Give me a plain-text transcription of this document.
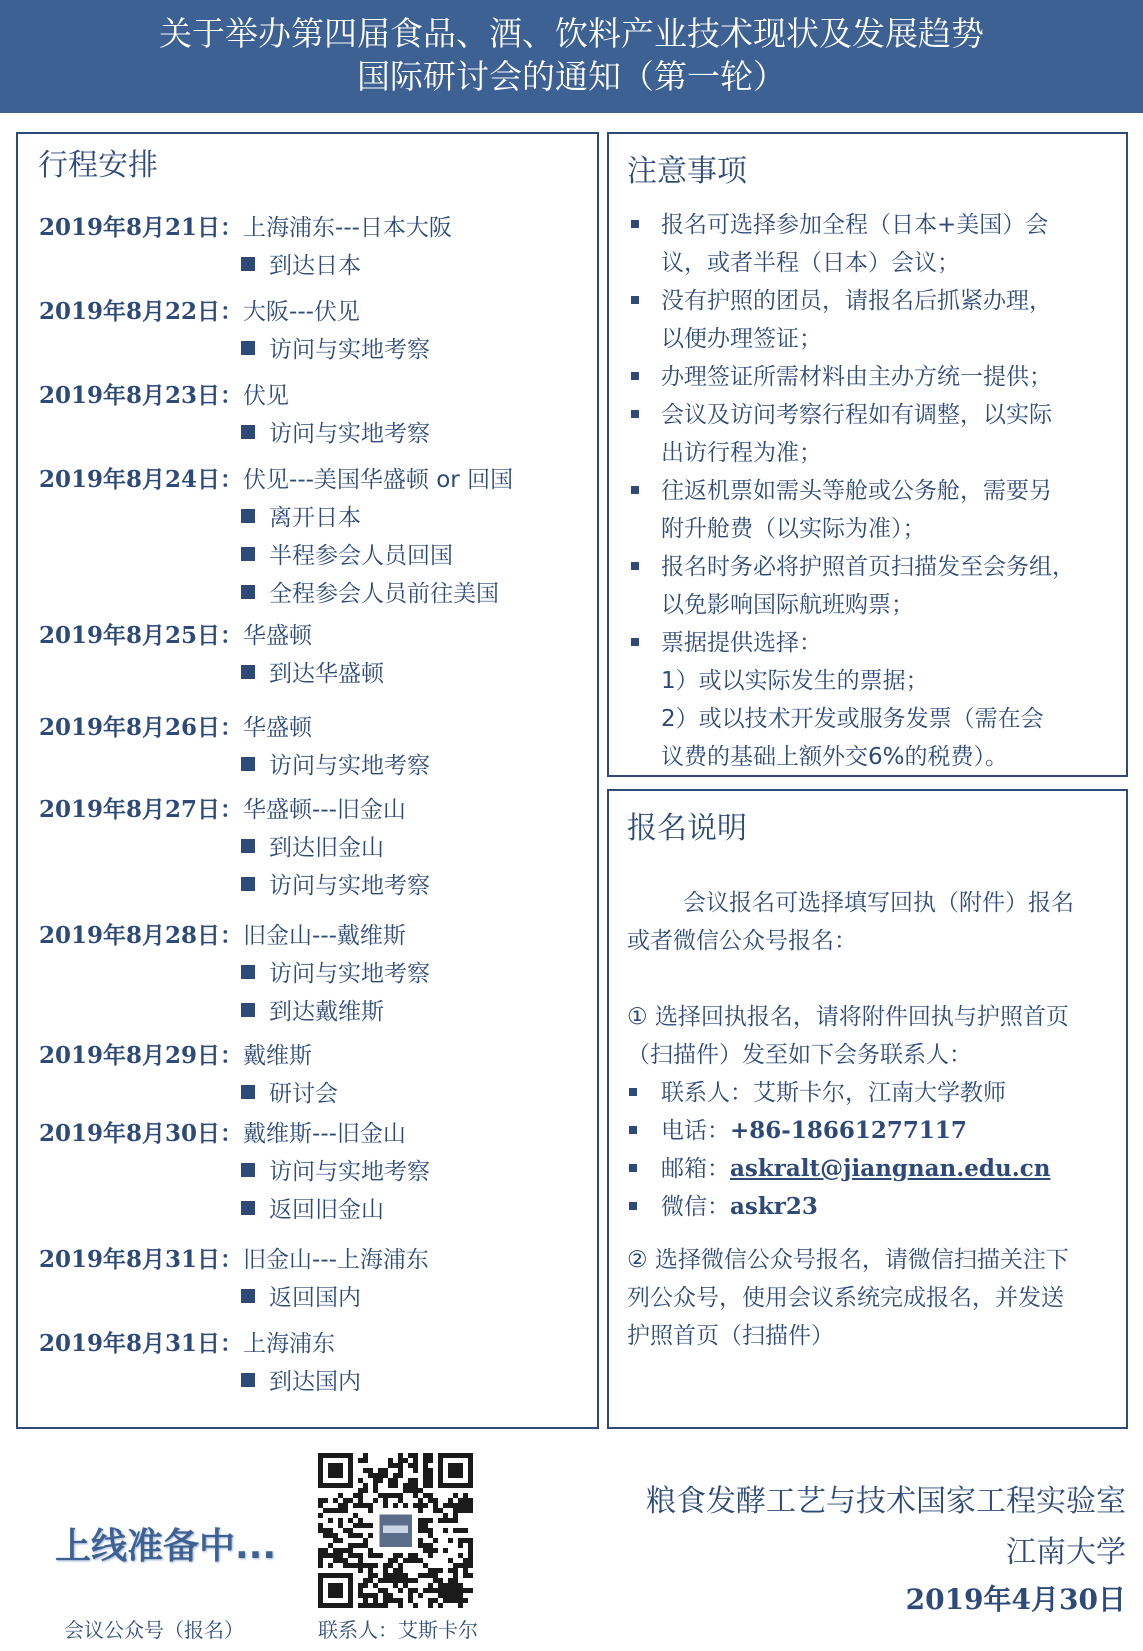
关于举办第四届食品、酒、饮料产业技术现状及发展趋势
国际研讨会的通知（第一轮）
行程安排
2019年8月21日：上海浦东---日本大阪
到达日本
2019年8月22日：大阪---伏见
访问与实地考察
2019年8月23日：伏见
访问与实地考察
2019年8月24日：伏见---美国华盛顿 or 回国
离开日本
半程参会人员回国
全程参会人员前往美国
2019年8月25日：华盛顿
到达华盛顿
2019年8月26日：华盛顿
访问与实地考察
2019年8月27日：华盛顿---旧金山
到达旧金山
访问与实地考察
2019年8月28日：旧金山---戴维斯
访问与实地考察
到达戴维斯
2019年8月29日：戴维斯
研讨会
2019年8月30日：戴维斯---旧金山
访问与实地考察
返回旧金山
2019年8月31日：旧金山---上海浦东
返回国内
2019年8月31日：上海浦东
到达国内
注意事项
报名可选择参加全程（日本+美国）会
议，或者半程（日本）会议；
没有护照的团员，请报名后抓紧办理，
以便办理签证；
办理签证所需材料由主办方统一提供；
会议及访问考察行程如有调整，以实际
出访行程为准；
往返机票如需头等舱或公务舱，需要另
附升舱费（以实际为准）；
报名时务必将护照首页扫描发至会务组，
以免影响国际航班购票；
票据提供选择：
1）或以实际发生的票据；
2）或以技术开发或服务发票（需在会
议费的基础上额外交6%的税费）。
报名说明
会议报名可选择填写回执（附件）报名
或者微信公众号报名：
① 选择回执报名，请将附件回执与护照首页
（扫描件）发至如下会务联系人：
联系人：艾斯卡尔，江南大学教师
电话：+86-18661277117
邮箱：askralt@jiangnan.edu.cn
微信：askr23
② 选择微信公众号报名，请微信扫描关注下
列公众号，使用会议系统完成报名，并发送
护照首页（扫描件）
上线准备中...
会议公众号（报名）	联系人：艾斯卡尔
粮食发酵工艺与技术国家工程实验室
江南大学
2019年4月30日
